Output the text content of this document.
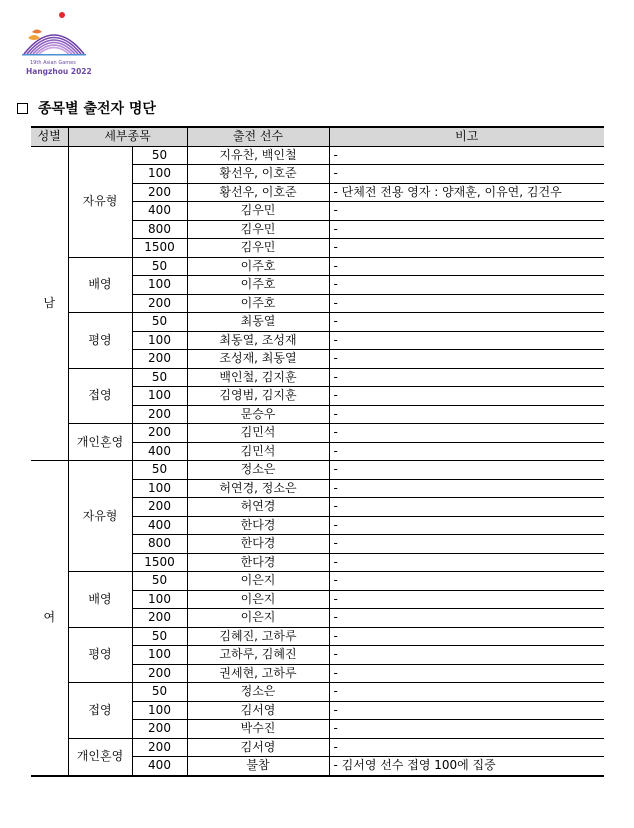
19th Asian Games
Hangzhou 2022
종목별 출전자 명단
성별	세부종목		출전 선수	비고
남	자유형	50	지유찬, 백인철	-
		100	황선우, 이호준	-
		200	황선우, 이호준	- 단체전 전용 영자 : 양재훈, 이유연, 김건우
		400	김우민	-
		800	김우민	-
		1500	김우민	-
	배영	50	이주호	-
		100	이주호	-
		200	이주호	-
	평영	50	최동열	-
		100	최동열, 조성재	-
		200	조성재, 최동열	-
	접영	50	백인철, 김지훈	-
		100	김영범, 김지훈	-
		200	문승우	-
	개인혼영	200	김민석	-
		400	김민석	-
여	자유형	50	정소은	-
		100	허연경, 정소은	-
		200	허연경	-
		400	한다경	-
		800	한다경	-
		1500	한다경	-
	배영	50	이은지	-
		100	이은지	-
		200	이은지	-
	평영	50	김혜진, 고하루	-
		100	고하루, 김혜진	-
		200	권세현, 고하루	-
	접영	50	정소은	-
		100	김서영	-
		200	박수진	-
	개인혼영	200	김서영	-
		400	불참	- 김서영 선수 접영 100에 집중
